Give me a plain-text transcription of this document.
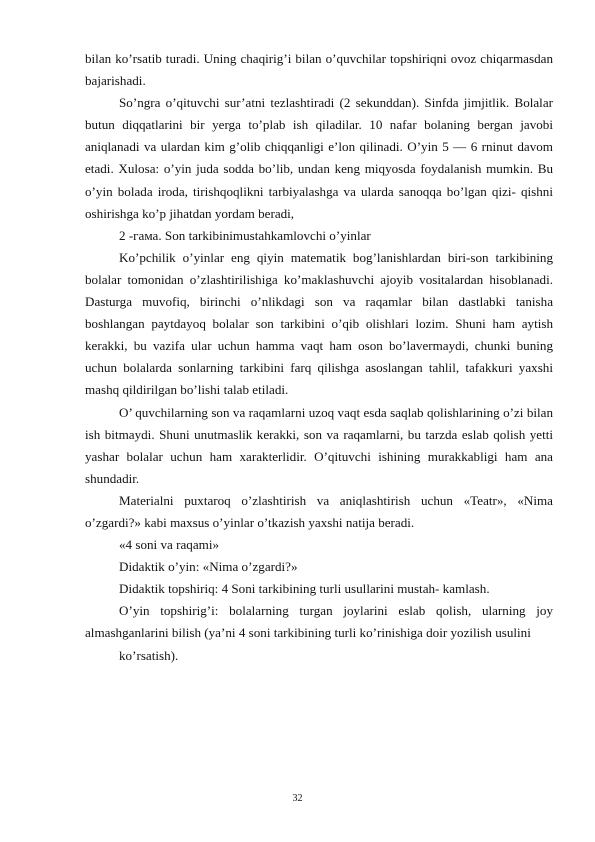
bilan ko’rsatib turadi. Uning chaqirig’i bilan o’quvchilar topshiriqni ovoz chiqarmasdan bajarishadi.

So’ngra o’qituvchi sur’atni tezlashtiradi (2 sekunddan). Sinfda jimjitlik. Bolalar butun diqqatlarini bir yerga to’plab ish qiladilar. 10 nafar bolaning bergan javobi aniqlanadi va ulardan kim g’olib chiqqanligi e’lon qilinadi. O’yin 5 — 6 rninut davom etadi. Xulosa: o’yin juda sodda bo’lib, undan keng miqyosda foydalanish mumkin. Bu o’yin bolada iroda, tirishqoqlikni tarbiyalashga va ularda sanoqqa bo’lgan qizi- qishni oshirishga ko’p jihatdan yordam beradi,

2 -гама. Son tarkibinimustahkamlovchi o’yinlar

Ko’pchilik o’yinlar eng qiyin matematik bog’lanishlardan biri-son tarkibining bolalar tomonidan o’zlashtirilishiga ko’maklashuvchi ajoyib vositalardan hisoblanadi. Dasturga muvofiq, birinchi o’nlikdagi son va raqamlar bilan dastlabki tanisha boshlangan paytdayoq bolalar son tarkibini o’qib olishlari lozim. Shuni ham aytish kerakki, bu vazifa ular uchun hamma vaqt ham oson bo’lavermaydi, chunki buning uchun bolalarda sonlarning tarkibini farq qilishga asoslangan tahlil, tafakkuri yaxshi mashq qildirilgan bo’lishi talab etiladi.

O’ quvchilarning son va raqamlarni uzoq vaqt esda saqlab qolishlarining o’zi bilan ish bitmaydi. Shuni unutmaslik kerakki, son va raqamlarni, bu tarzda eslab qolish yetti yashar bolalar uchun ham xarakterlidir. O’qituvchi ishining murakkabligi ham ana shundadir.

Materialni puxtaroq o’zlashtirish va aniqlashtirish uchun «Teatr», «Nima o’zgardi?» kabi maxsus o’yinlar o’tkazish yaxshi natija beradi.

«4 soni va raqami»

Didaktik o’yin: «Nima o’zgardi?»

Didaktik topshiriq: 4 Soni tarkibining turli usullarini mustah- kamlash.

O’yin topshirig’i: bolalarning turgan joylarini eslab qolish, ularning joy almashganlarini bilish (ya’ni 4 soni tarkibining turli ko’rinishiga doir yozilish usulini

ko’rsatish).

32
